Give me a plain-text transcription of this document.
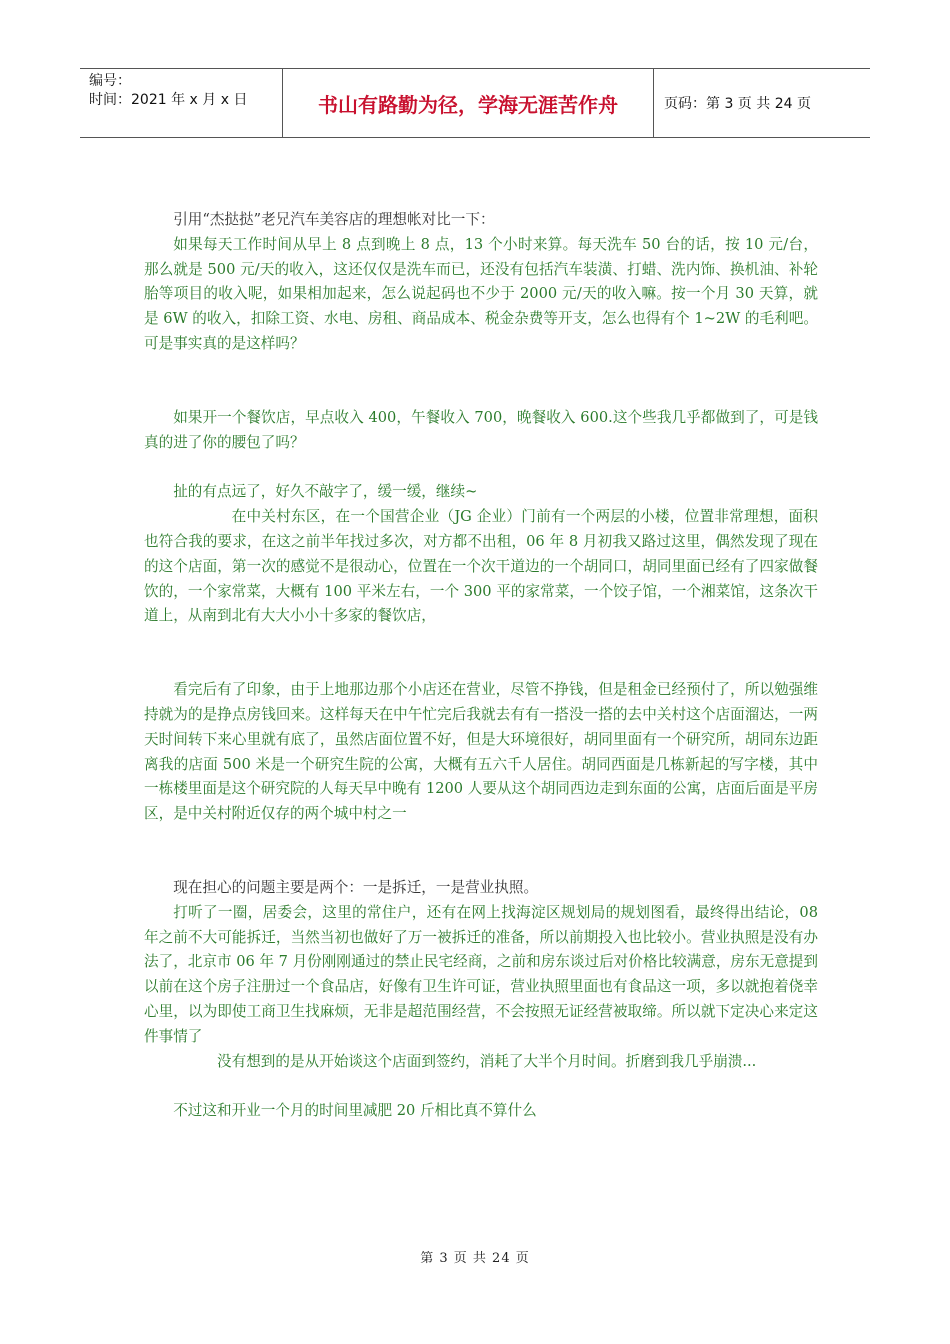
编号：
时间：2021 年 x 月 x 日	书山有路勤为径，学海无涯苦作舟	页码：第 3 页 共 24 页

引用“杰挞挞”老兄汽车美容店的理想帐对比一下：

如果每天工作时间从早上 8 点到晚上 8 点，13 个小时来算。每天洗车 50 台的话，按 10 元/台，那么就是 500 元/天的收入，这还仅仅是洗车而已，还没有包括汽车装潢、打蜡、洗内饰、换机油、补轮胎等项目的收入呢，如果相加起来，怎么说起码也不少于 2000 元/天的收入嘛。按一个月 30 天算，就是 6W 的收入，扣除工资、水电、房租、商品成本、税金杂费等开支，怎么也得有个 1~2W 的毛利吧。可是事实真的是这样吗？

如果开一个餐饮店，早点收入 400，午餐收入 700，晚餐收入 600.这个些我几乎都做到了，可是钱真的进了你的腰包了吗？

扯的有点远了，好久不敲字了，缓一缓，继续~

在中关村东区，在一个国营企业（JG 企业）门前有一个两层的小楼，位置非常理想，面积也符合我的要求，在这之前半年找过多次，对方都不出租，06 年 8 月初我又路过这里，偶然发现了现在的这个店面，第一次的感觉不是很动心，位置在一个次干道边的一个胡同口，胡同里面已经有了四家做餐饮的，一个家常菜，大概有 100 平米左右，一个 300 平的家常菜，一个饺子馆，一个湘菜馆，这条次干道上，从南到北有大大小小十多家的餐饮店，

看完后有了印象，由于上地那边那个小店还在营业，尽管不挣钱，但是租金已经预付了，所以勉强维持就为的是挣点房钱回来。这样每天在中午忙完后我就去有有一搭没一搭的去中关村这个店面溜达，一两天时间转下来心里就有底了，虽然店面位置不好，但是大环境很好，胡同里面有一个研究所，胡同东边距离我的店面 500 米是一个研究生院的公寓，大概有五六千人居住。胡同西面是几栋新起的写字楼，其中一栋楼里面是这个研究院的人每天早中晚有 1200 人要从这个胡同西边走到东面的公寓，店面后面是平房区，是中关村附近仅存的两个城中村之一

现在担心的问题主要是两个：一是拆迁，一是营业执照。

打听了一圈，居委会，这里的常住户，还有在网上找海淀区规划局的规划图看，最终得出结论，08 年之前不大可能拆迁，当然当初也做好了万一被拆迁的准备，所以前期投入也比较小。营业执照是没有办法了，北京市 06 年 7 月份刚刚通过的禁止民宅经商，之前和房东谈过后对价格比较满意，房东无意提到以前在这个房子注册过一个食品店，好像有卫生许可证，营业执照里面也有食品这一项，多以就抱着侥幸心里，以为即使工商卫生找麻烦，无非是超范围经营，不会按照无证经营被取缔。所以就下定决心来定这件事情了

没有想到的是从开始谈这个店面到签约，消耗了大半个月时间。折磨到我几乎崩溃...

不过这和开业一个月的时间里减肥 20 斤相比真不算什么

第 3 页 共 24 页
